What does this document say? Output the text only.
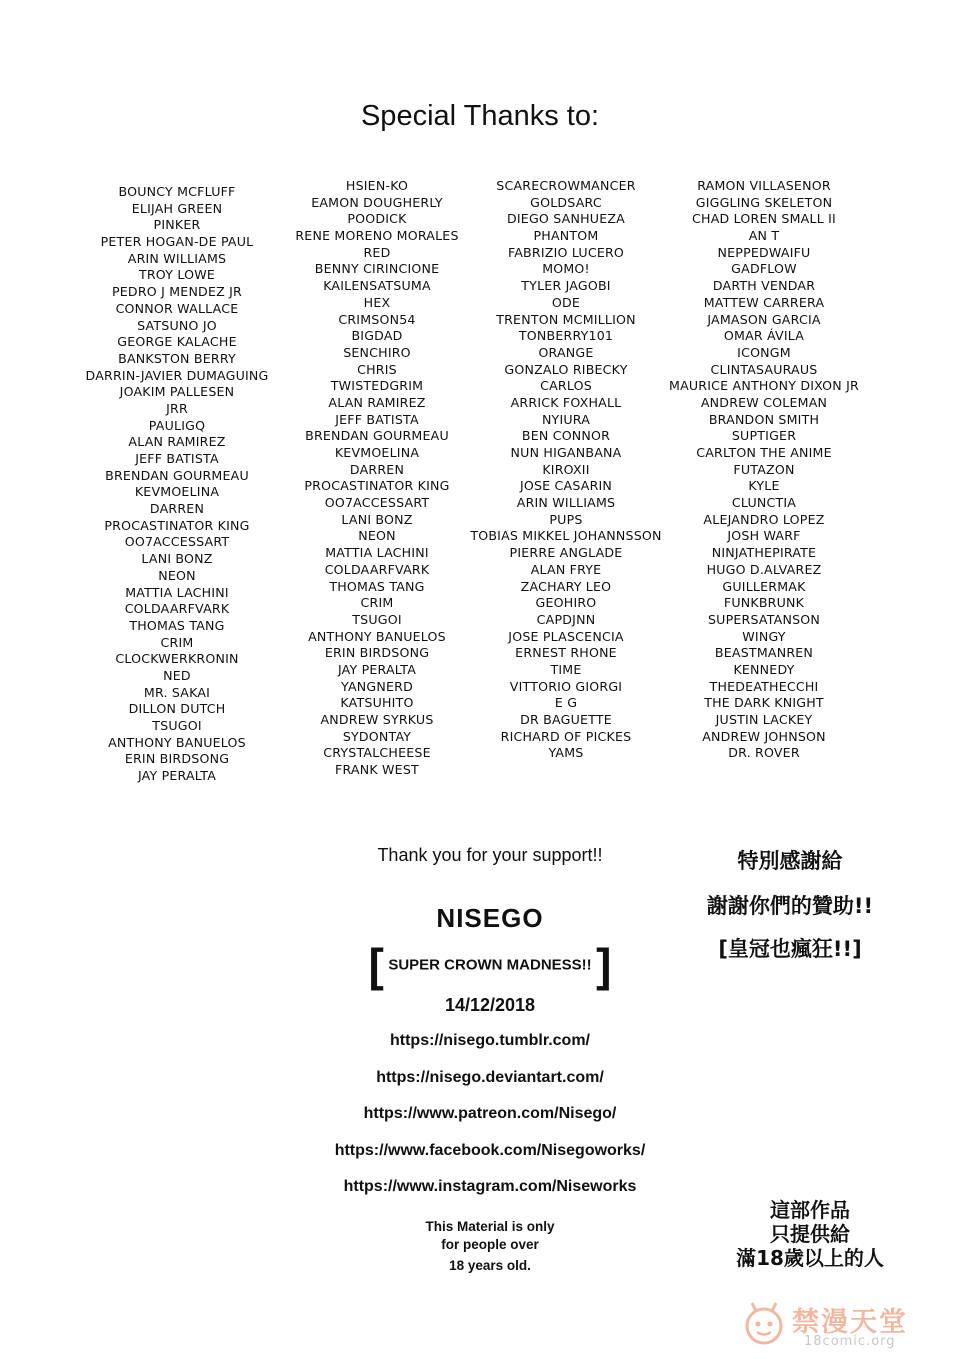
Special Thanks to:
BOUNCY MCFLUFF
ELIJAH GREEN
PINKER
PETER HOGAN-DE PAUL
ARIN WILLIAMS
TROY LOWE
PEDRO J MENDEZ JR
CONNOR WALLACE
SATSUNO JO
GEORGE KALACHE
BANKSTON BERRY
DARRIN-JAVIER DUMAGUING
JOAKIM PALLESEN
JRR
PAULIGQ
ALAN RAMIREZ
JEFF BATISTA
BRENDAN GOURMEAU
KEVMOELINA
DARREN
PROCASTINATOR KING
OO7ACCESSART
LANI BONZ
NEON
MATTIA LACHINI
COLDAARFVARK
THOMAS TANG
CRIM
CLOCKWERKRONIN
NED
MR. SAKAI
DILLON DUTCH
TSUGOI
ANTHONY BANUELOS
ERIN BIRDSONG
JAY PERALTA
HSIEN-KO
EAMON DOUGHERLY
POODICK
RENE MORENO MORALES
RED
BENNY CIRINCIONE
KAILENSATSUMA
HEX
CRIMSON54
BIGDAD
SENCHIRO
CHRIS
TWISTEDGRIM
ALAN RAMIREZ
JEFF BATISTA
BRENDAN GOURMEAU
KEVMOELINA
DARREN
PROCASTINATOR KING
OO7ACCESSART
LANI BONZ
NEON
MATTIA LACHINI
COLDAARFVARK
THOMAS TANG
CRIM
TSUGOI
ANTHONY BANUELOS
ERIN BIRDSONG
JAY PERALTA
YANGNERD
KATSUHITO
ANDREW SYRKUS
SYDONTAY
CRYSTALCHEESE
FRANK WEST
SCARECROWMANCER
GOLDSARC
DIEGO SANHUEZA
PHANTOM
FABRIZIO LUCERO
MOMO!
TYLER JAGOBI
ODE
TRENTON MCMILLION
TONBERRY101
ORANGE
GONZALO RIBECKY
CARLOS
ARRICK FOXHALL
NYIURA
BEN CONNOR
NUN HIGANBANA
KIROXII
JOSE CASARIN
ARIN WILLIAMS
PUPS
TOBIAS MIKKEL JOHANNSSON
PIERRE ANGLADE
ALAN FRYE
ZACHARY LEO
GEOHIRO
CAPDJNN
JOSE PLASCENCIA
ERNEST RHONE
TIME
VITTORIO GIORGI
E G
DR BAGUETTE
RICHARD OF PICKES
YAMS
RAMON VILLASENOR
GIGGLING SKELETON
CHAD LOREN SMALL II
AN T
NEPPEDWAIFU
GADFLOW
DARTH VENDAR
MATTEW CARRERA
JAMASON GARCIA
OMAR ÁVILA
ICONGM
CLINTASAURAUS
MAURICE ANTHONY DIXON JR
ANDREW COLEMAN
BRANDON SMITH
SUPTIGER
CARLTON THE ANIME
FUTAZON
KYLE
CLUNCTIA
ALEJANDRO LOPEZ
JOSH WARF
NINJATHEPIRATE
HUGO D.ALVAREZ
GUILLERMAK
FUNKBRUNK
SUPERSATANSON
WINGY
BEASTMANREN
KENNEDY
THEDEATHECCHI
THE DARK KNIGHT
JUSTIN LACKEY
ANDREW JOHNSON
DR. ROVER
Thank you for your support!!
NISEGO
[ SUPER CROWN MADNESS!! ]
14/12/2018
https://nisego.tumblr.com/
https://nisego.deviantart.com/
https://www.patreon.com/Nisego/
https://www.facebook.com/Nisegoworks/
https://www.instagram.com/Niseworks
This Material is only
for people over
18 years old.
特別感謝給
謝謝你們的贊助!!
[皇冠也瘋狂!!]
這部作品
只提供給
滿18歲以上的人
禁漫天堂
18comic.org
